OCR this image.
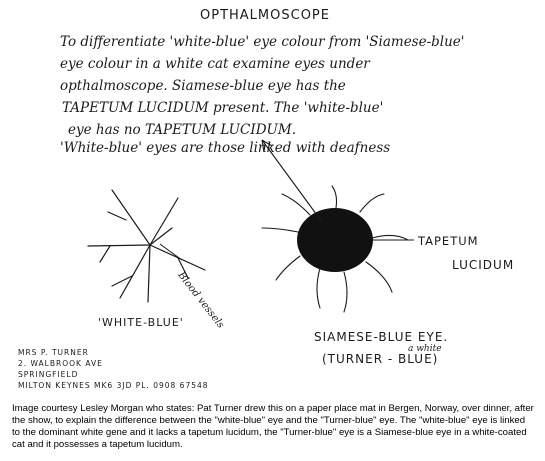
OPTHALMOSCOPE
To differentiate 'white-blue' eye colour from 'Siamese-blue'
eye colour in a white cat examine eyes under
opthalmoscope. Siamese-blue eye has the
TAPETUM LUCIDUM present. The 'white-blue'
eye has no TAPETUM LUCIDUM.
'White-blue' eyes are those linked with deafness
Blood vessels
'WHITE-BLUE'
TAPETUM
LUCIDUM
SIAMESE-BLUE EYE.
a white
(TURNER - BLUE)
MRS P. TURNER
2. WALBROOK AVE
SPRINGFIELD
MILTON KEYNES MK6 3JD PL. 0908 67548
Image courtesy Lesley Morgan who states: Pat Turner drew this on a paper place mat in Bergen, Norway, over dinner, after the show, to explain the difference between the "white-blue" eye and the "Turner-blue" eye. The "white-blue" eye is linked to the dominant white gene and it lacks a tapetum lucidum, the "Turner-blue" eye is a Siamese-blue eye in a white-coated cat and it possesses a tapetum lucidum.
